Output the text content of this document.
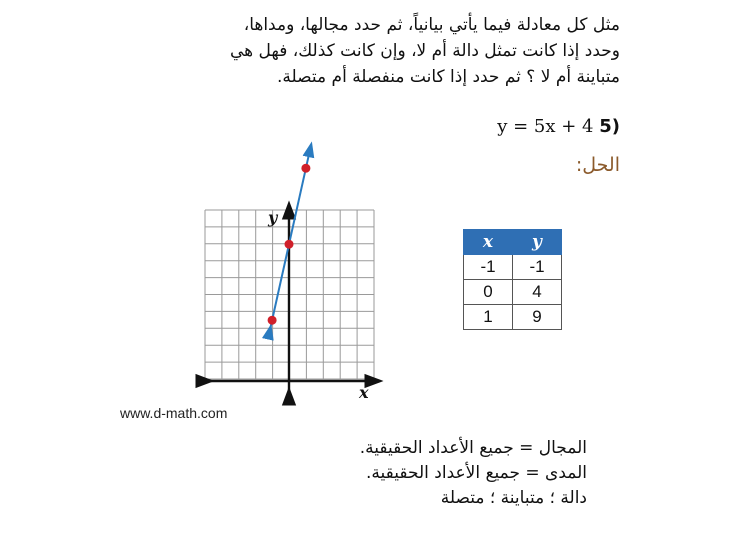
مثل كل معادلة فيما يأتي بيانياً، ثم حدد مجالها، ومداها،
وحدد إذا كانت تمثل دالة أم لا، وإن كانت كذلك، فهل هي
متباينة أم لا ؟ ثم حدد إذا كانت منفصلة أم متصلة.
y = 5x + 4 5)
الحل:
x
y
www.d-math.com
x	y
-1	-1
0	4
1	9
المجال = جميع الأعداد الحقيقية.
المدى = جميع الأعداد الحقيقية.
دالة ؛ متباينة ؛ متصلة
